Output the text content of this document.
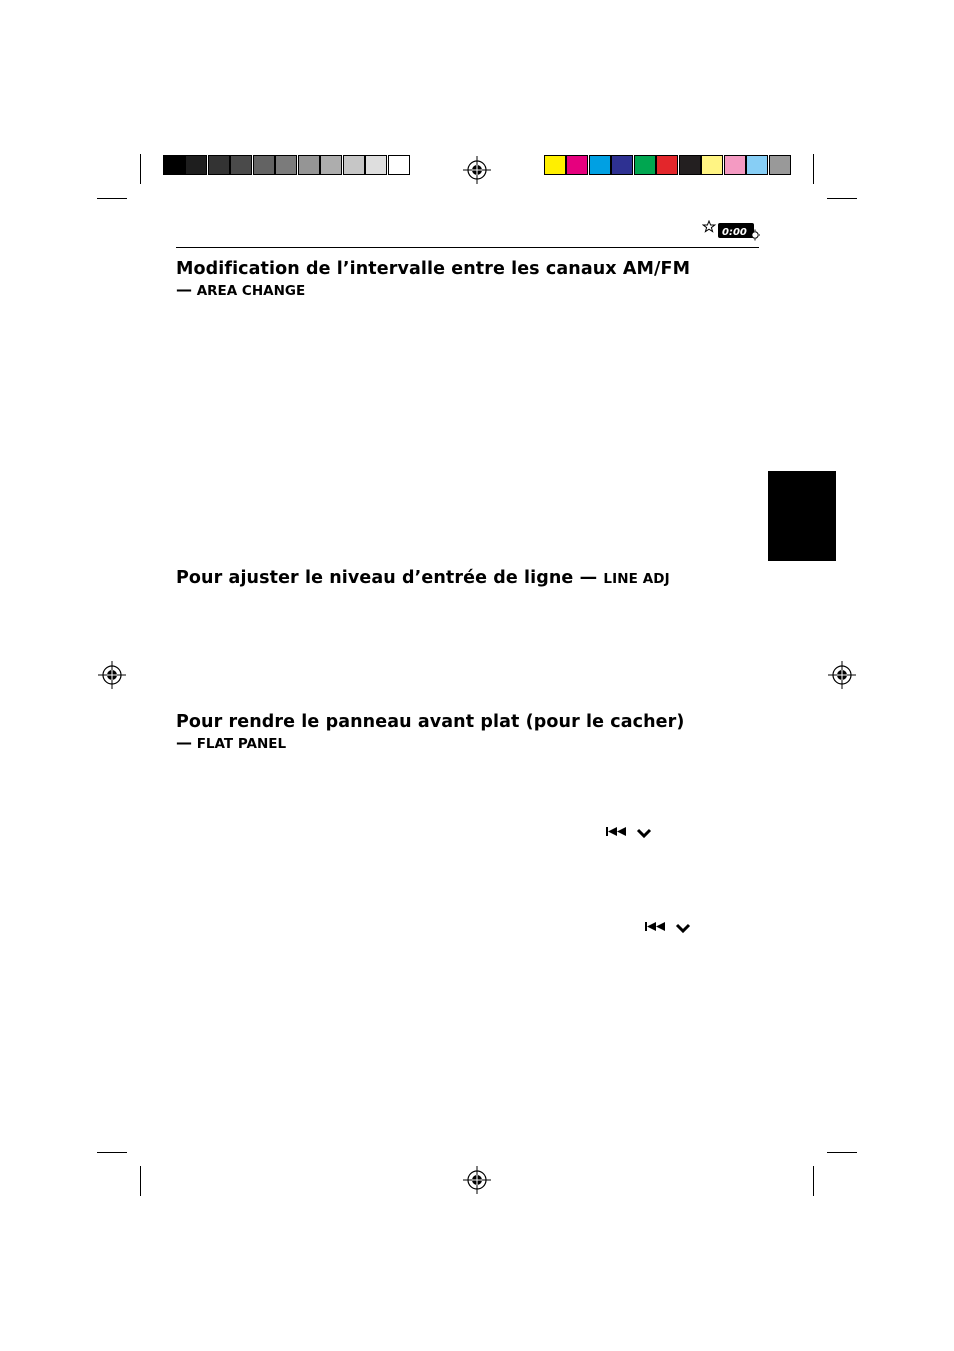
0:00
Modification de l’intervalle entre les canaux AM/FM
— AREA CHANGE
Pour ajuster le niveau d’entrée de ligne — LINE ADJ
Pour rendre le panneau avant plat (pour le cacher)
— FLAT PANEL
